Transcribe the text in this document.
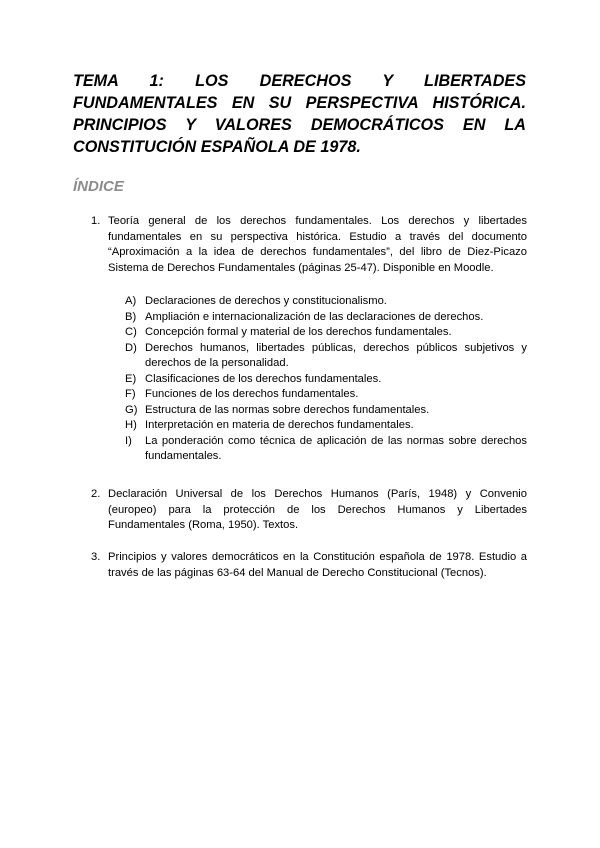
TEMA 1: LOS DERECHOS Y LIBERTADES FUNDAMENTALES EN SU PERSPECTIVA HISTÓRICA. PRINCIPIOS Y VALORES DEMOCRÁTICOS EN LA CONSTITUCIÓN ESPAÑOLA DE 1978.
ÍNDICE
1. Teoría general de los derechos fundamentales. Los derechos y libertades fundamentales en su perspectiva histórica. Estudio a través del documento “Aproximación a la idea de derechos fundamentales”, del libro de Diez-Picazo Sistema de Derechos Fundamentales (páginas 25-47). Disponible en Moodle.
A) Declaraciones de derechos y constitucionalismo.
B) Ampliación e internacionalización de las declaraciones de derechos.
C) Concepción formal y material de los derechos fundamentales.
D) Derechos humanos, libertades públicas, derechos públicos subjetivos y derechos de la personalidad.
E) Clasificaciones de los derechos fundamentales.
F) Funciones de los derechos fundamentales.
G) Estructura de las normas sobre derechos fundamentales.
H) Interpretación en materia de derechos fundamentales.
I) La ponderación como técnica de aplicación de las normas sobre derechos fundamentales.
2. Declaración Universal de los Derechos Humanos (París, 1948) y Convenio (europeo) para la protección de los Derechos Humanos y Libertades Fundamentales (Roma, 1950). Textos.
3. Principios y valores democráticos en la Constitución española de 1978. Estudio a través de las páginas 63-64 del Manual de Derecho Constitucional (Tecnos).
